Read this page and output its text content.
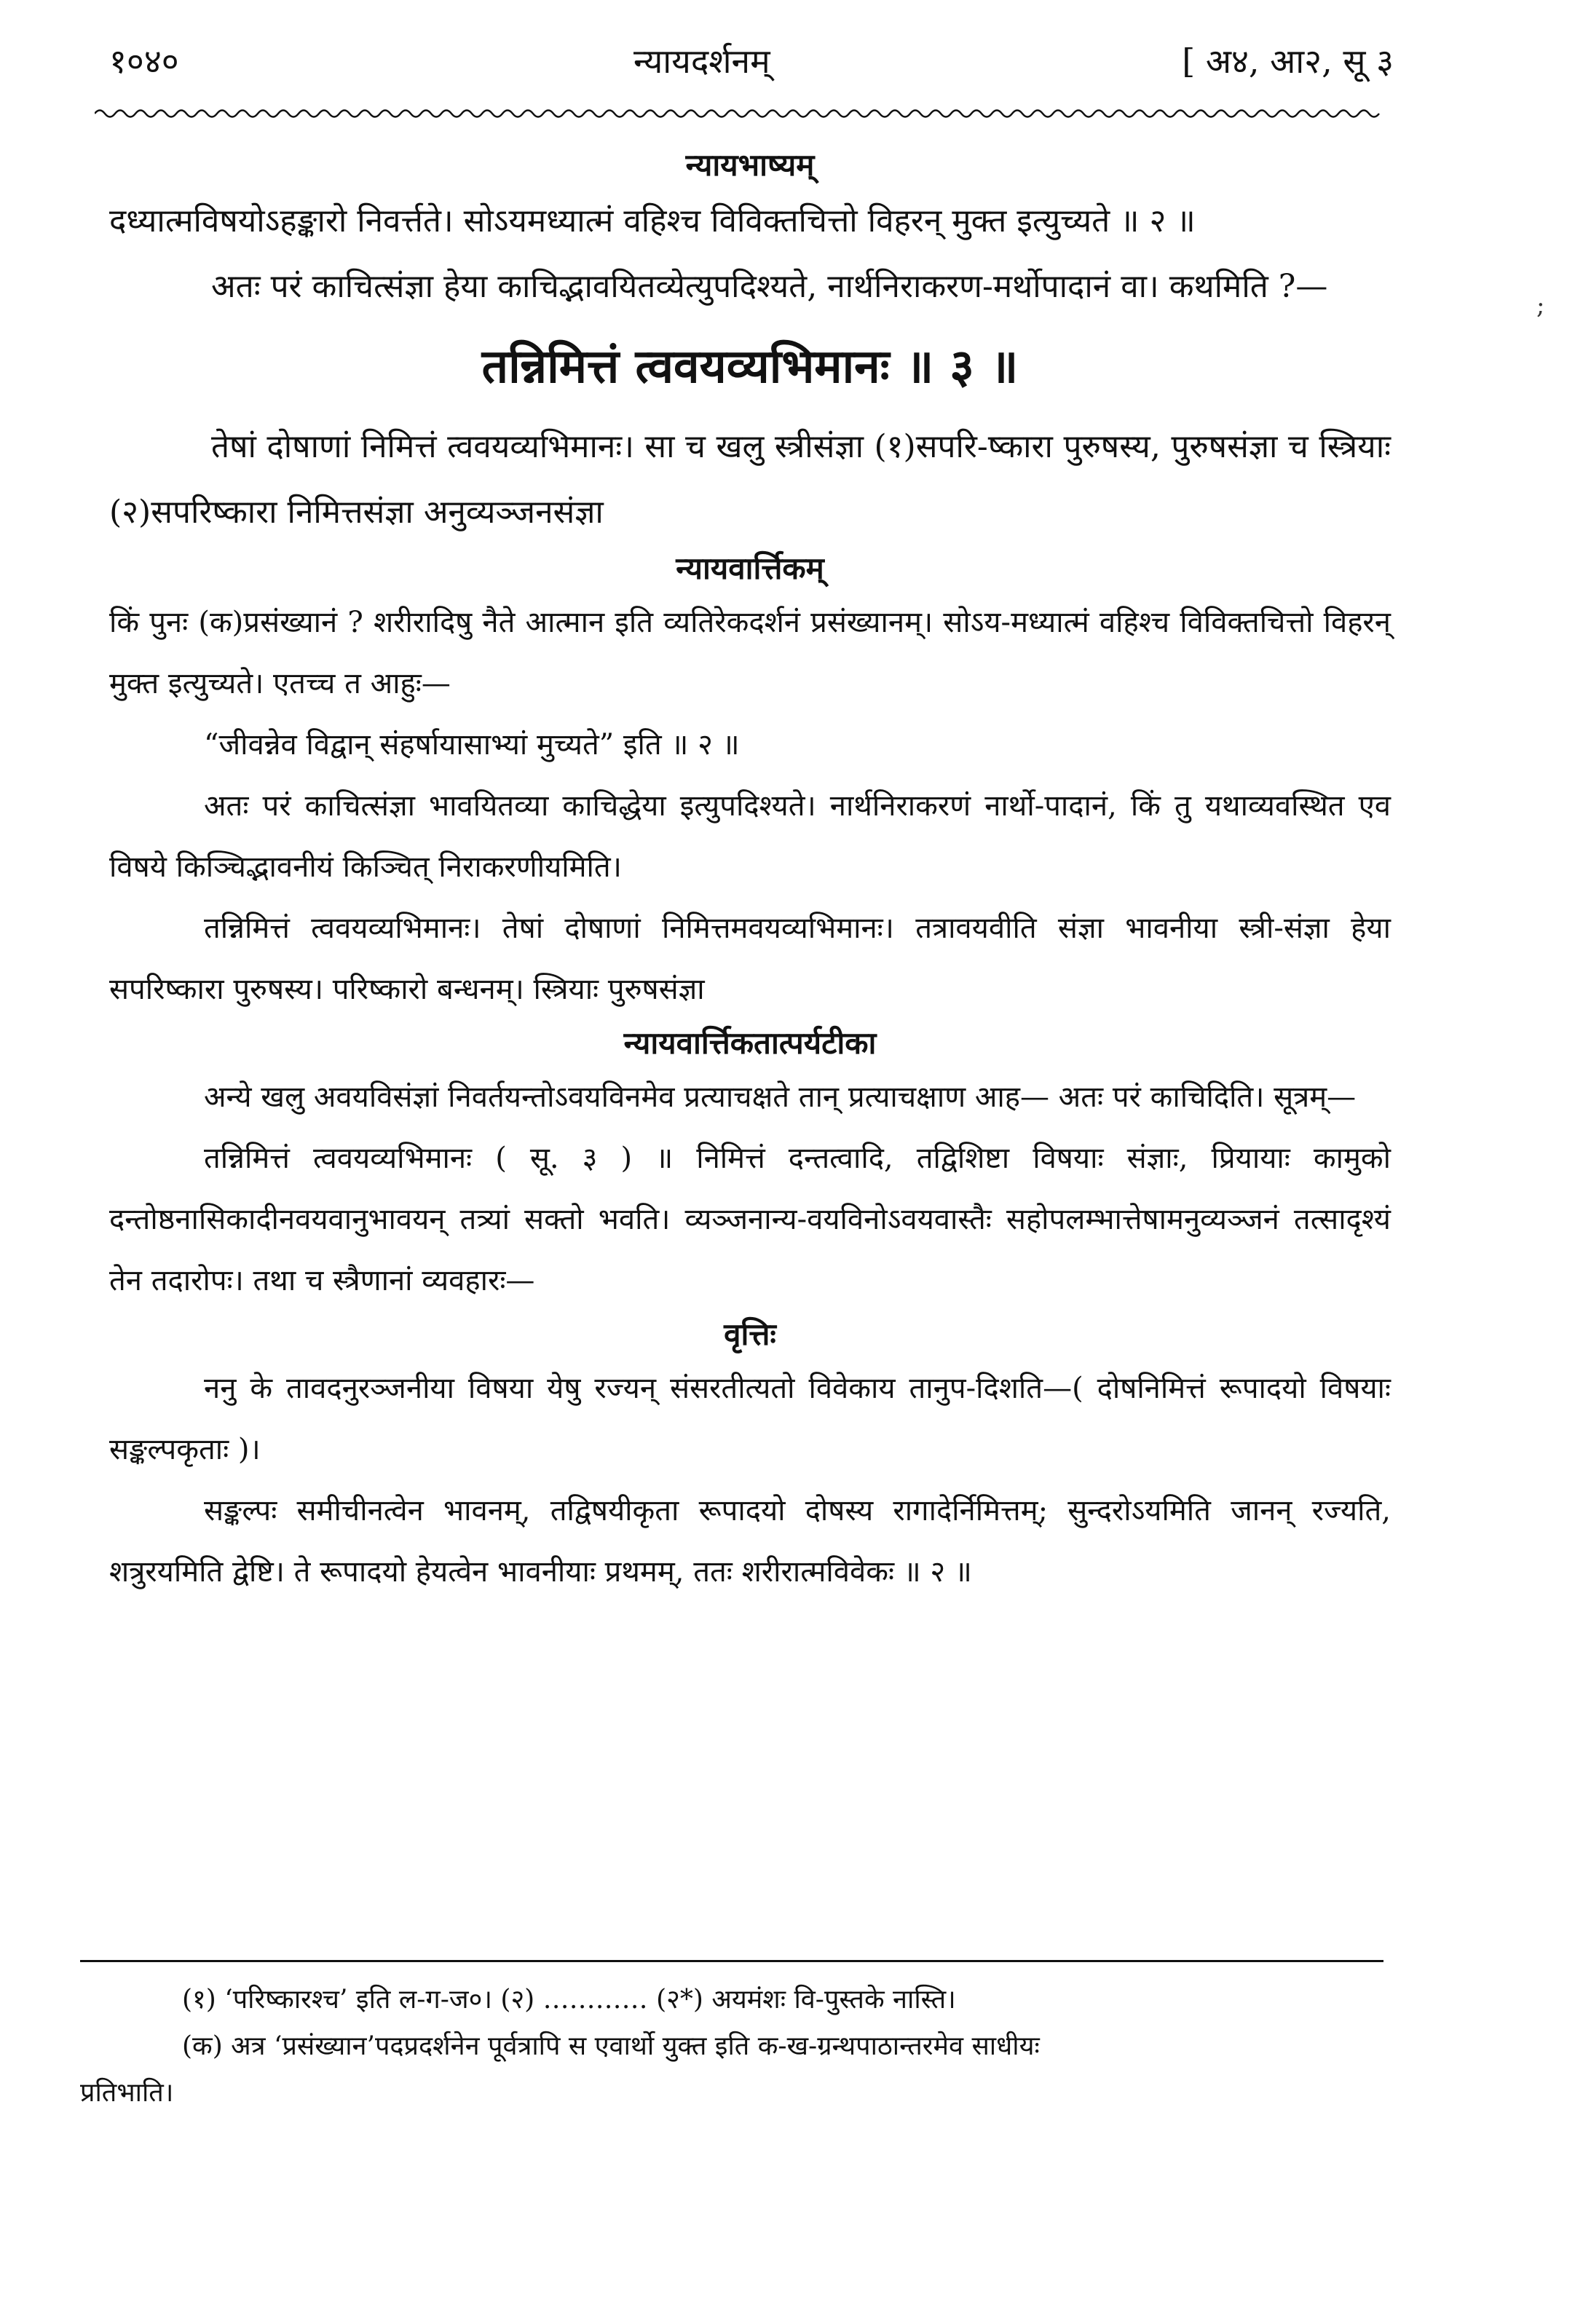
१०४०	न्यायदर्शनम्	[ अ४, आ२, सू ३
;
न्यायभाष्यम्

दध्यात्मविषयोऽहङ्कारो निवर्त्तते। सोऽयमध्यात्मं वहिश्च विविक्तचित्तो विहरन् मुक्त इत्युच्यते ॥ २ ॥

अतः परं काचित्संज्ञा हेया काचिद्भावयितव्येत्युपदिश्यते, नार्थनिराकरण-मर्थोपादानं वा। कथमिति ?—

तन्निमित्तं त्ववयव्यभिमानः ॥ ३ ॥

तेषां दोषाणां निमित्तं त्ववयव्यभिमानः। सा च खलु स्त्रीसंज्ञा (१)सपरि-ष्कारा पुरुषस्य, पुरुषसंज्ञा च स्त्रियाः (२)सपरिष्कारा निमित्तसंज्ञा अनुव्यञ्जनसंज्ञा

न्यायवार्त्तिकम्

किं पुनः (क)प्रसंख्यानं ? शरीरादिषु नैते आत्मान इति व्यतिरेकदर्शनं प्रसंख्यानम्। सोऽय-मध्यात्मं वहिश्च विविक्तचित्तो विहरन् मुक्त इत्युच्यते। एतच्च त आहुः—

“जीवन्नेव विद्वान् संहर्षायासाभ्यां मुच्यते” इति ॥ २ ॥

अतः परं काचित्संज्ञा भावयितव्या काचिद्धेया इत्युपदिश्यते। नार्थनिराकरणं नार्थो-पादानं, किं तु यथाव्यवस्थित एव विषये किञ्चिद्भावनीयं किञ्चित् निराकरणीयमिति।

तन्निमित्तं त्ववयव्यभिमानः। तेषां दोषाणां निमित्तमवयव्यभिमानः। तत्रावयवीति संज्ञा भावनीया स्त्री-संज्ञा हेया सपरिष्कारा पुरुषस्य। परिष्कारो बन्धनम्। स्त्रियाः पुरुषसंज्ञा

न्यायवार्त्तिकतात्पर्यटीका

अन्ये खलु अवयविसंज्ञां निवर्तयन्तोऽवयविनमेव प्रत्याचक्षते तान् प्रत्याचक्षाण आह— अतः परं काचिदिति। सूत्रम्—

तन्निमित्तं त्ववयव्यभिमानः ( सू. ३ ) ॥ निमित्तं दन्तत्वादि, तद्विशिष्टा विषयाः संज्ञाः, प्रियायाः कामुको दन्तोष्ठनासिकादीनवयवानुभावयन् तत्र्यां सक्तो भवति। व्यञ्जनान्य-वयविनोऽवयवास्तैः सहोपलम्भात्तेषामनुव्यञ्जनं तत्सादृश्यं तेन तदारोपः। तथा च स्त्रैणानां व्यवहारः—

वृत्तिः

ननु के तावदनुरञ्जनीया विषया येषु रज्यन् संसरतीत्यतो विवेकाय तानुप-दिशति—( दोषनिमित्तं रूपादयो विषयाः सङ्कल्पकृताः )।

सङ्कल्पः समीचीनत्वेन भावनम्, तद्विषयीकृता रूपादयो दोषस्य रागादेर्निमित्तम्; सुन्दरोऽयमिति जानन् रज्यति, शत्रुरयमिति द्वेष्टि। ते रूपादयो हेयत्वेन भावनीयाः प्रथमम्, ततः शरीरात्मविवेकः ॥ २ ॥

(१) ‘परिष्कारश्च’ इति ल-ग-ज०। (२) ………… (२*) अयमंशः वि-पुस्तके नास्ति।
(क) अत्र ‘प्रसंख्यान’पदप्रदर्शनेन पूर्वत्रापि स एवार्थो युक्त इति क-ख-ग्रन्थपाठान्तरमेव साधीयः
प्रतिभाति।
